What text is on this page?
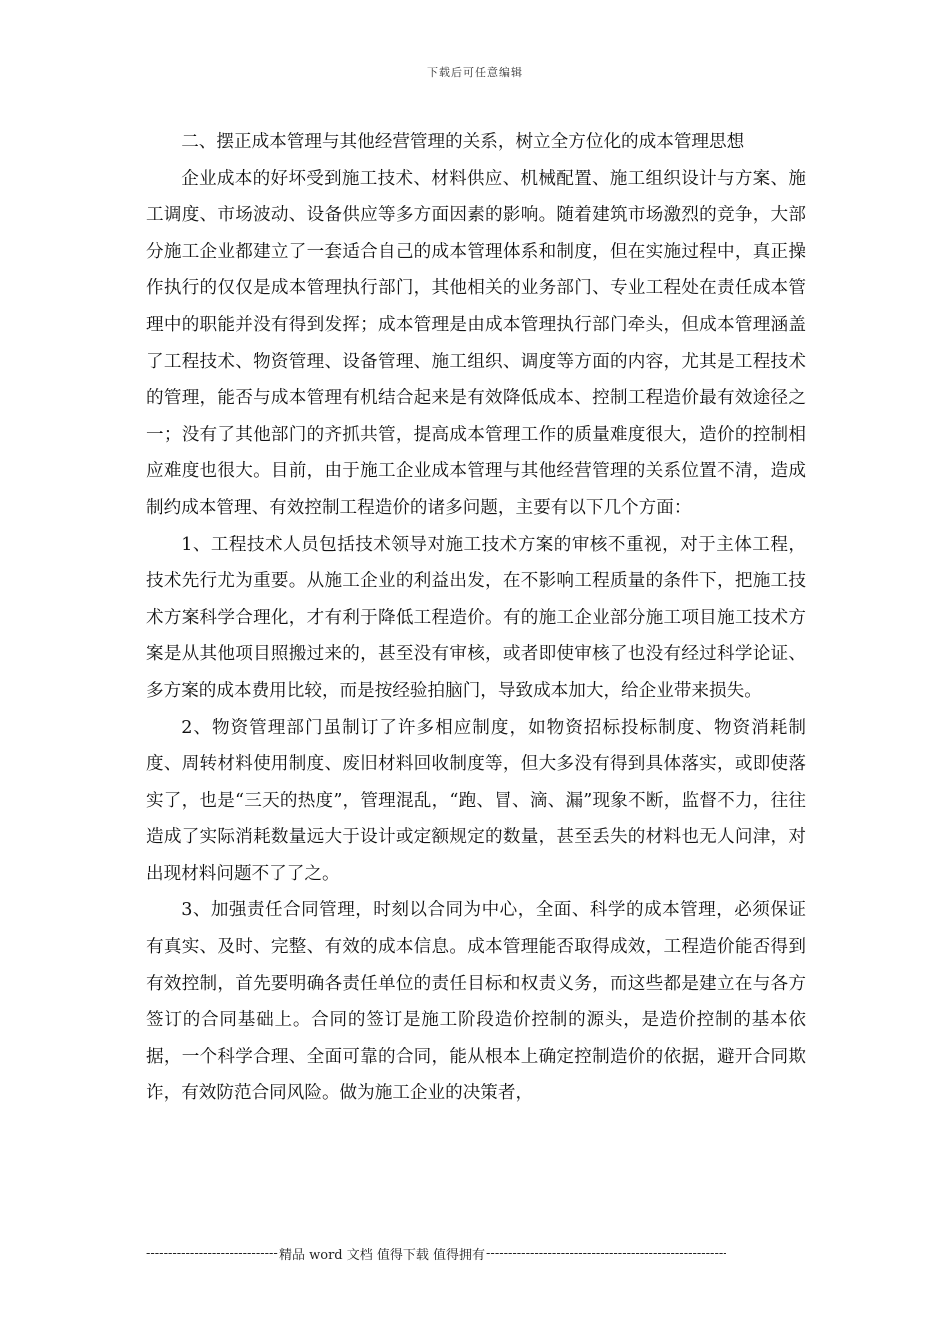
下载后可任意编辑

二、摆正成本管理与其他经营管理的关系，树立全方位化的成本管理思想

企业成本的好坏受到施工技术、材料供应、机械配置、施工组织设计与方案、施工调度、市场波动、设备供应等多方面因素的影响。随着建筑市场激烈的竞争，大部分施工企业都建立了一套适合自己的成本管理体系和制度，但在实施过程中，真正操作执行的仅仅是成本管理执行部门，其他相关的业务部门、专业工程处在责任成本管理中的职能并没有得到发挥；成本管理是由成本管理执行部门牵头，但成本管理涵盖了工程技术、物资管理、设备管理、施工组织、调度等方面的内容，尤其是工程技术的管理，能否与成本管理有机结合起来是有效降低成本、控制工程造价最有效途径之一；没有了其他部门的齐抓共管，提高成本管理工作的质量难度很大，造价的控制相应难度也很大。目前，由于施工企业成本管理与其他经营管理的关系位置不清，造成制约成本管理、有效控制工程造价的诸多问题，主要有以下几个方面：

1、工程技术人员包括技术领导对施工技术方案的审核不重视，对于主体工程，技术先行尤为重要。从施工企业的利益出发，在不影响工程质量的条件下，把施工技术方案科学合理化，才有利于降低工程造价。有的施工企业部分施工项目施工技术方案是从其他项目照搬过来的，甚至没有审核，或者即使审核了也没有经过科学论证、多方案的成本费用比较，而是按经验拍脑门，导致成本加大，给企业带来损失。

2、物资管理部门虽制订了许多相应制度，如物资招标投标制度、物资消耗制度、周转材料使用制度、废旧材料回收制度等，但大多没有得到具体落实，或即使落实了，也是“三天的热度”，管理混乱，“跑、冒、滴、漏”现象不断，监督不力，往往造成了实际消耗数量远大于设计或定额规定的数量，甚至丢失的材料也无人问津，对出现材料问题不了了之。

3、加强责任合同管理，时刻以合同为中心，全面、科学的成本管理，必须保证有真实、及时、完整、有效的成本信息。成本管理能否取得成效，工程造价能否得到有效控制，首先要明确各责任单位的责任目标和权责义务，而这些都是建立在与各方签订的合同基础上。合同的签订是施工阶段造价控制的源头，是造价控制的基本依据，一个科学合理、全面可靠的合同，能从根本上确定控制造价的依据，避开合同欺诈，有效防范合同风险。做为施工企业的决策者，

-----
精品 word 文档 值得下载 值得拥有
-----
